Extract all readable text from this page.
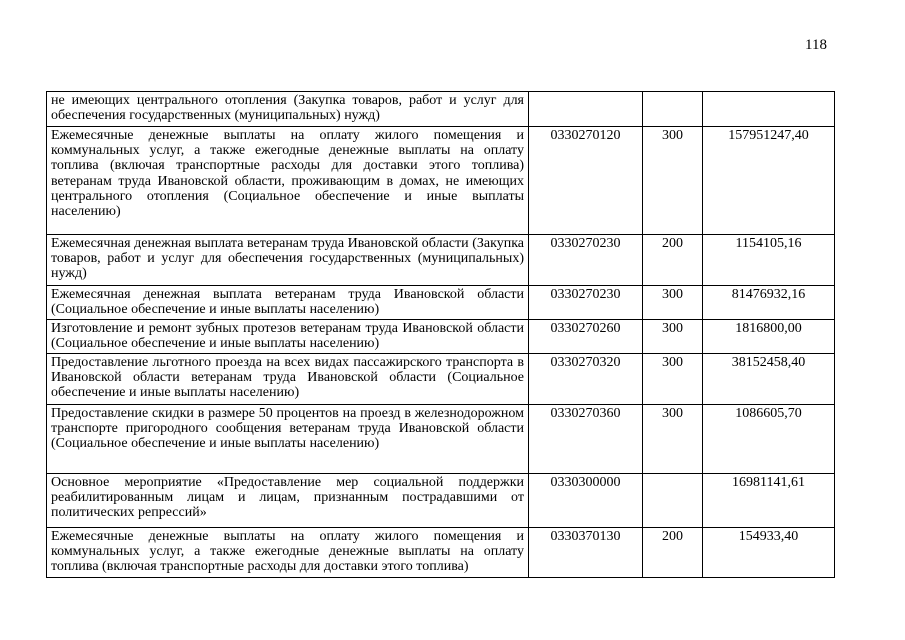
118
не имеющих центрального отопления (Закупка товаров, работ и услуг для обеспечения государственных (муниципальных) нужд)			
Ежемесячные денежные выплаты на оплату жилого помещения и коммунальных услуг, а также ежегодные денежные выплаты на оплату топлива (включая транспортные расходы для доставки этого топлива) ветеранам труда Ивановской области, проживающим в домах, не имеющих центрального отопления (Социальное обеспечение и иные выплаты населению)	0330270120	300	157951247,40
Ежемесячная денежная выплата ветеранам труда Ивановской области (Закупка товаров, работ и услуг для обеспечения государственных (муниципальных) нужд)	0330270230	200	1154105,16
Ежемесячная денежная выплата ветеранам труда Ивановской области (Социальное обеспечение и иные выплаты населению)	0330270230	300	81476932,16
Изготовление и ремонт зубных протезов ветеранам труда Ивановской области (Социальное обеспечение и иные выплаты населению)	0330270260	300	1816800,00
Предоставление льготного проезда на всех видах пассажирского транспорта в Ивановской области ветеранам труда Ивановской области (Социальное обеспечение и иные выплаты населению)	0330270320	300	38152458,40
Предоставление скидки в размере 50 процентов на проезд в железнодорожном транспорте пригородного сообщения ветеранам труда Ивановской области (Социальное обеспечение и иные выплаты населению)	0330270360	300	1086605,70
Основное мероприятие «Предоставление мер социальной поддержки реабилитированным лицам и лицам, признанным пострадавшими от политических репрессий»	0330300000		16981141,61
Ежемесячные денежные выплаты на оплату жилого помещения и коммунальных услуг, а также ежегодные денежные выплаты на оплату топлива (включая транспортные расходы для доставки этого топлива)	0330370130	200	154933,40
